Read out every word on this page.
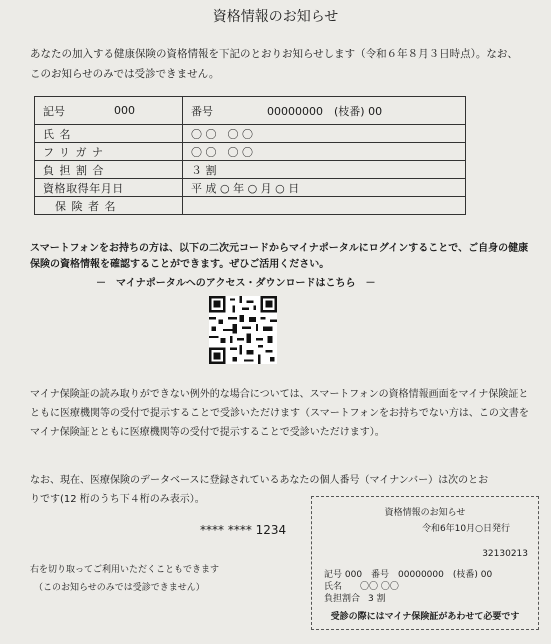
資格情報のお知らせ
あなたの加入する健康保険の資格情報を下記のとおりお知らせします（令和６年８月３日時点）。なお、このお知らせのみでは受診できません。
記号	000	番号	00000000　(枝番) 00
氏名		〇 〇　〇 〇	
フリガナ		〇 〇　〇 〇	
負担割合		３ 割	
資格取得年月日		平 成 ○ 年 ○ 月 ○ 日	
保険者名			
スマートフォンをお持ちの方は、以下の二次元コードからマイナポータルにログインすることで、ご自身の健康保険の資格情報を確認することができます。ぜひご活用ください。
－　マイナポータルへのアクセス・ダウンロードはこちら　－
マイナ保険証の読み取りができない例外的な場合については、スマートフォンの資格情報画面をマイナ保険証とともに医療機関等の受付で提示することで受診いただけます（スマートフォンをお持ちでない方は、この文書をマイナ保険証とともに医療機関等の受付で提示することで受診いただけます）。
なお、現在、医療保険のデータベースに登録されているあなたの個人番号（マイナンバー）は次のとおりです(12 桁のうち下４桁のみ表示）。
**** **** 1234
右を切り取ってご利用いただくこともできます
（このお知らせのみでは受診できません）
資格情報のお知らせ
令和6年10月○日発行
32130213
記号 000　番号　00000000　(枝番) 00
氏名 〇〇 〇〇
負担割合 3 割
受診の際にはマイナ保険証があわせて必要です
